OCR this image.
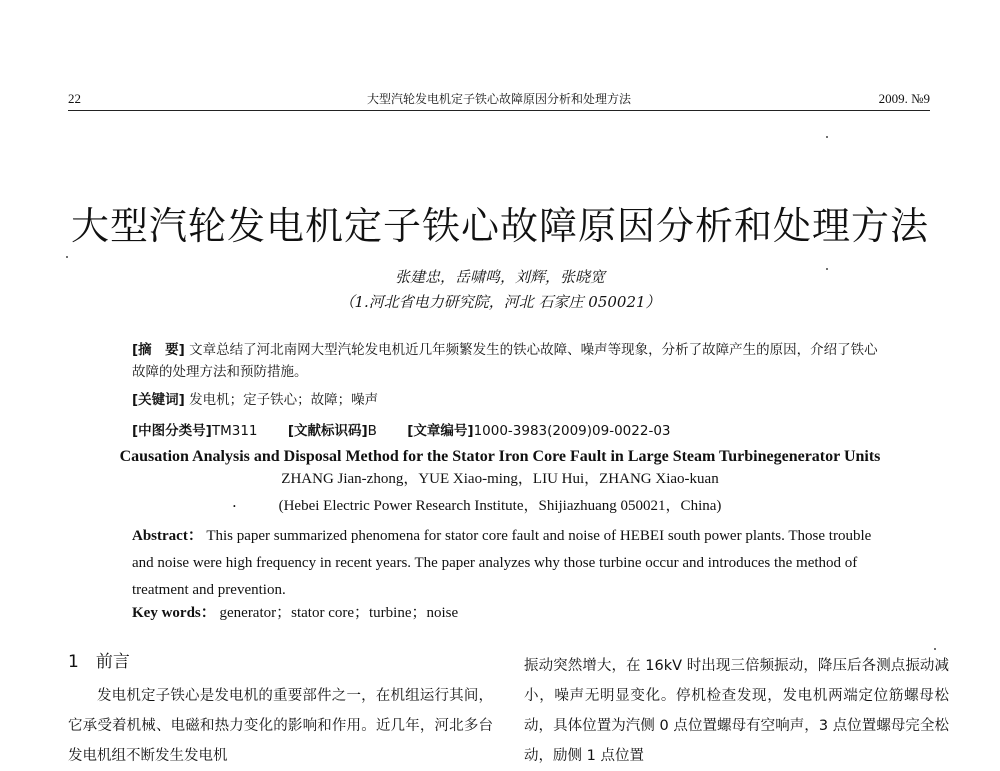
22	大型汽轮发电机定子铁心故障原因分析和处理方法	2009. №9
大型汽轮发电机定子铁心故障原因分析和处理方法
张建忠，岳啸鸣，刘辉，张晓宽
（1.河北省电力研究院，河北 石家庄 050021）
[摘　要] 文章总结了河北南网大型汽轮发电机近几年频繁发生的铁心故障、噪声等现象，分析了故障产生的原因，介绍了铁心故障的处理方法和预防措施。
[关键词] 发电机；定子铁心；故障；噪声
[中图分类号]TM311 [文献标识码]B [文章编号]1000-3983(2009)09-0022-03
Causation Analysis and Disposal Method for the Stator Iron Core Fault in Large Steam Turbinegenerator Units
ZHANG Jian-zhong，YUE Xiao-ming，LIU Hui，ZHANG Xiao-kuan
·	(Hebei Electric Power Research Institute，Shijiazhuang 050021，China)
Abstract： This paper summarized phenomena for stator core fault and noise of HEBEI south power plants. Those trouble and noise were high frequency in recent years. The paper analyzes why those turbine occur and introduces the method of treatment and prevention.
Key words： generator；stator core；turbine；noise
1　前言
发电机定子铁心是发电机的重要部件之一，在机组运行其间，它承受着机械、电磁和热力变化的影响和作用。近几年，河北多台发电机组不断发生发电机
振动突然增大，在 16kV 时出现三倍频振动，降压后各测点振动减小，噪声无明显变化。停机检查发现，发电机两端定位筋螺母松动，具体位置为汽侧 0 点位置螺母有空响声，3 点位置螺母完全松动，励侧 1 点位置
